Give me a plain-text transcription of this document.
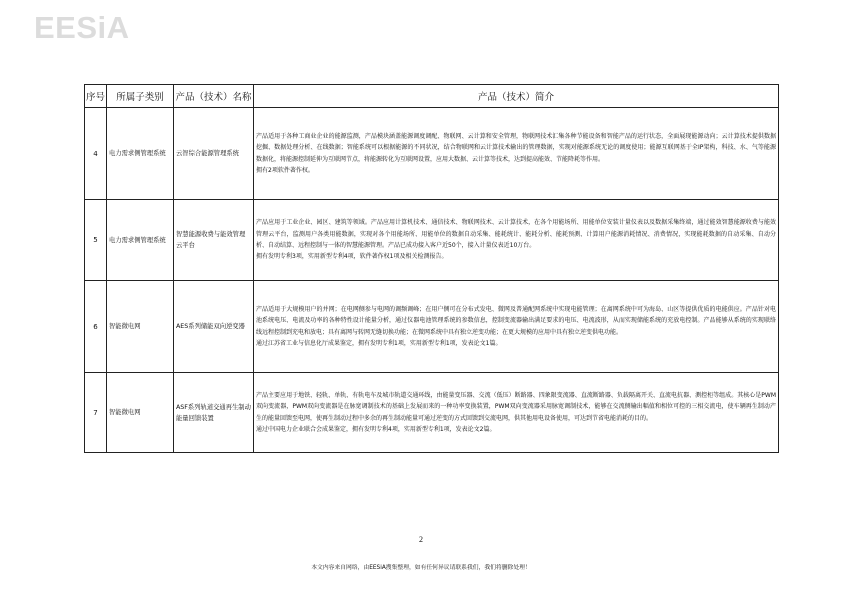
EESiA
序号	所属子类别	产品（技术）名称	产品（技术）简介
4	电力需求侧管理系统	云智综合能源管理系统	产品适用于各种工商业企业的能源监测，产品模块涵盖能源调度调配、物联网、云计算和安全管理，物联网技术汇集各种节能设备和智能产品的运行状态，全面展现能源动向；云计算技术提供数据挖掘、数据处理分析、在线数据；智能系统可以根据能源的不同状况，结合物联网和云计算技术输出的管理数据，实现对能源系统无论的调度使用；能源互联网基于全IP架构，科技、水、气等能源数据化，将能源控制延伸为互联网节点，将能源转化为互联网设置，应用大数据、云计算等技术，达到提高能效、节能降耗等作用。

拥有2项软件著作权。

5	电力需求侧管理系统	智慧能源收费与能效管理云平台	产品应用于工业企业、园区、建筑等领域。产品应用计算机技术、通信技术、物联网技术、云计算技术，在各个用能场所、用能单位安装计量仪表以及数据采集终端，通过能效智慧能源收费与能效管理云平台，监测用户各类用能数据，实现对各个用能场所、用能单位的数据自动采集、能耗统计、能耗分析、能耗预测、计算用户能源消耗情况、消费情况，实现能耗数据的自动采集、自动分析、自动结算、远程控制与一体的智慧能源管理。产品已成功接入客户近50个，接入计量仪表近10万台。

拥有发明专利3项，实用新型专利4项，软件著作权1项及相关检测报告。

6	智能微电网	AES系列储能双向逆变器	产品适用于大规模用户的并网；在电网侧参与电网的调频调峰；在用户侧可在分布式发电、微网及普通配网系统中实现电能管理；在离网系统中可为海岛、山区等提供优质的电能供应。产品针对电池系统电压、电流及功率的各种特性设计能量分析，通过仪器电池管理系统的参数信息，控制变流器输出满足要求的电压、电流波形，从而实现储能系统的充放电控制。产品能够从系统的实现联络线远程控制到充电和放电；具有离网与转网无缝切换功能；在微网系统中具有独立逆变功能；在更大规模的应用中具有独立逆变供电功能。

通过江苏省工业与信息化厅成果鉴定，拥有发明专利1项，实用新型专利1项，发表论文1篇。

7	智能微电网	ASF系列轨道交通再生制动能量回馈装置	产品主要应用于地铁、轻轨、单轨、有轨电车及城市轨道交通环线，由能量变压器、交流（低压）断路器、四象限变流器、直流断路器、负载隔离开关、直流电抗器、测控柜等组成。其核心是PWM双向变流器，PWM双向变流器是在脉宽调制技术的基础上发展而来的一种功率变换装置，PWM双向变流器采用脉宽调制技术，能够在交流侧输出幅值和相位可控的三相交流电，使车辆再生制动产生的能量回馈至电网，使再生制动过程中多余的再生制动能量可通过逆变的方式回馈到交流电网，供其他用电设备使用，可达到节省电能消耗的目的。

通过中国电力企业联合会成果鉴定，拥有发明专利4项，实用新型专利1项，发表论文2篇。

2
本文内容来自网络，由EESiA搜集整理，如有任何异议请联系我们，我们将删除处理！
